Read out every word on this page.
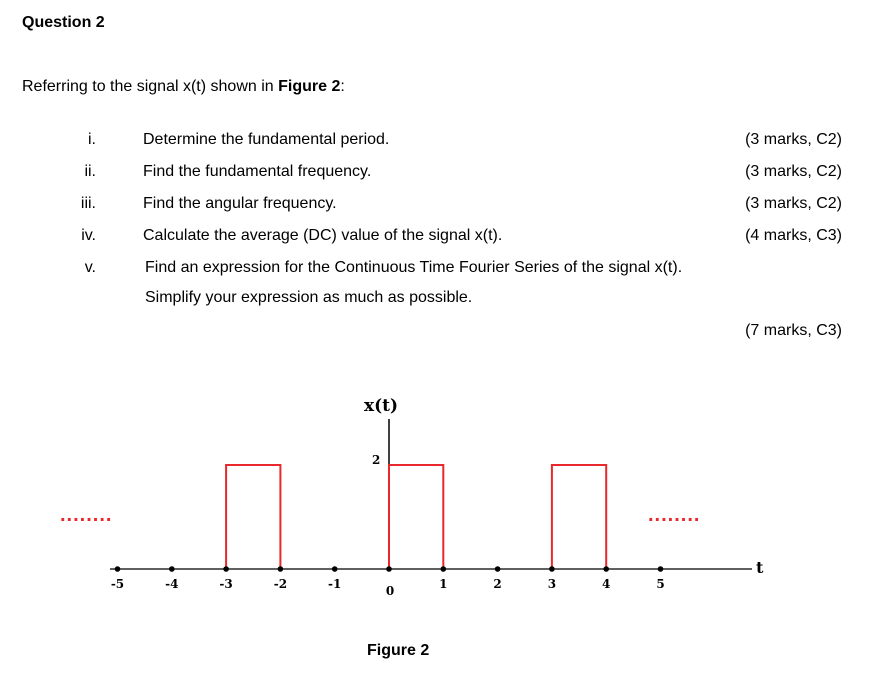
Question 2
Referring to the signal x(t) shown in Figure 2:
i.	Determine the fundamental period.	(3 marks, C2)
ii.	Find the fundamental frequency.	(3 marks, C2)
iii.	Find the angular frequency.	(3 marks, C2)
iv.	Calculate the average (DC) value of the signal x(t).	(4 marks, C3)
v.	Find an expression for the Continuous Time Fourier Series of the signal x(t).
Simplify your expression as much as possible.
(7 marks, C3)
x(t)
t
2
........	........
-5	-4	-3	-2	-1	0	1	2	3	4	5
Figure 2
